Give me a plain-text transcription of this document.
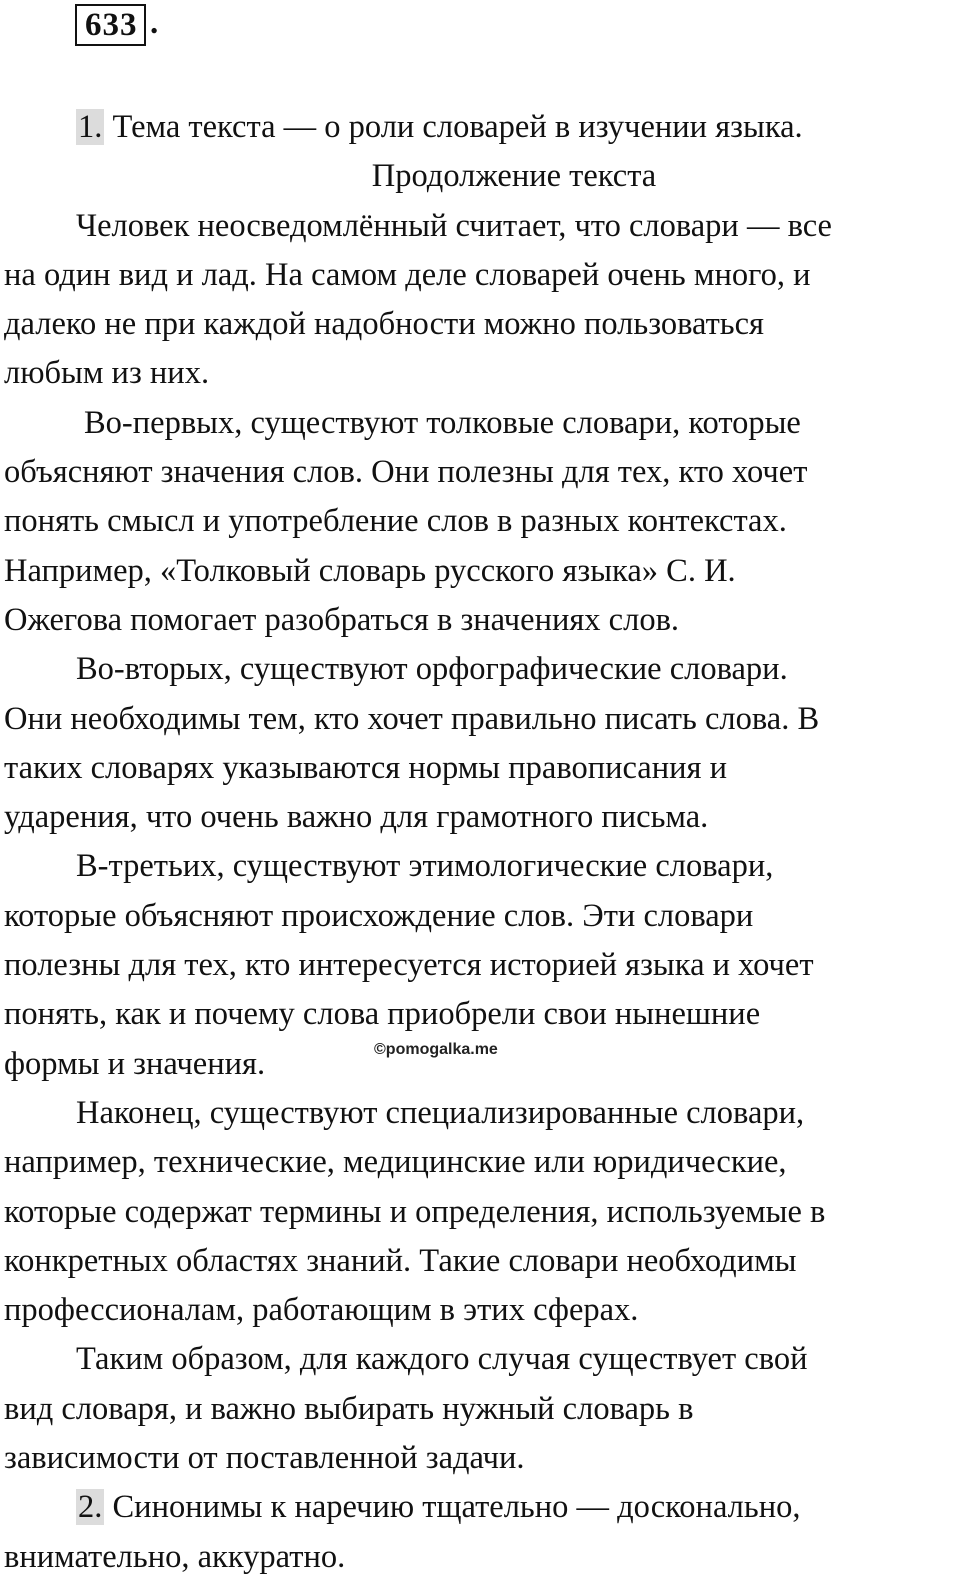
633 .
1. Тема текста — о роли словарей в изучении языка.
Продолжение текста
Человек неосведомлённый считает, что словари — все
на один вид и лад. На самом деле словарей очень много, и
далеко не при каждой надобности можно пользоваться
любым из них.
Во-первых, существуют толковые словари, которые
объясняют значения слов. Они полезны для тех, кто хочет
понять смысл и употребление слов в разных контекстах.
Например, «Толковый словарь русского языка» С. И.
Ожегова помогает разобраться в значениях слов.
Во-вторых, существуют орфографические словари.
Они необходимы тем, кто хочет правильно писать слова. В
таких словарях указываются нормы правописания и
ударения, что очень важно для грамотного письма.
В-третьих, существуют этимологические словари,
которые объясняют происхождение слов. Эти словари
полезны для тех, кто интересуется историей языка и хочет
понять, как и почему слова приобрели свои нынешние
формы и значения.
Наконец, существуют специализированные словари,
например, технические, медицинские или юридические,
которые содержат термины и определения, используемые в
конкретных областях знаний. Такие словари необходимы
профессионалам, работающим в этих сферах.
Таким образом, для каждого случая существует свой
вид словаря, и важно выбирать нужный словарь в
зависимости от поставленной задачи.
2. Синонимы к наречию тщательно — досконально,
внимательно, аккуратно.
©pomogalka.me
